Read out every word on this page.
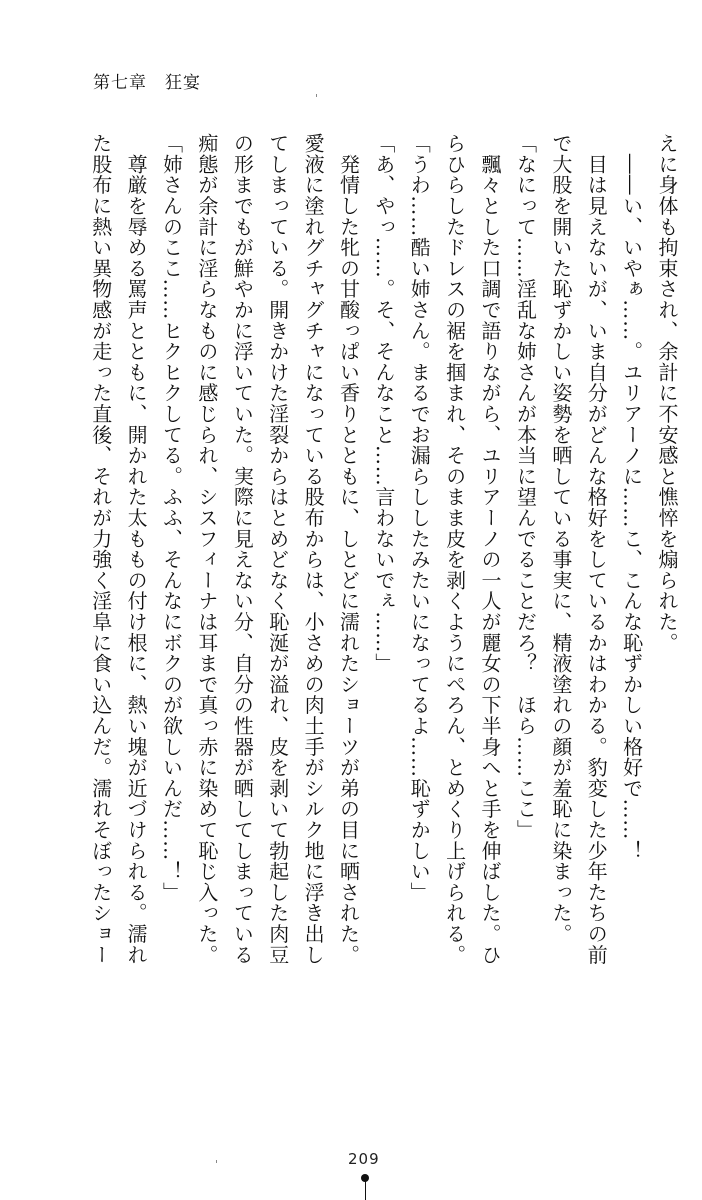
第七章　狂宴
えに身体も拘束され、余計に不安感と憔悴を煽られた。
　――い、いやぁ……。ユリアーノに……こ、こんな恥ずかしい格好で……！
　目は見えないが、いま自分がどんな格好をしているかはわかる。豹変した少年たちの前
で大股を開いた恥ずかしい姿勢を晒している事実に、精液塗れの顔が羞恥に染まった。
「なにって……淫乱な姉さんが本当に望んでることだろ？　ほら……ここ」
　飄々とした口調で語りながら、ユリアーノの一人が麗女の下半身へと手を伸ばした。ひ
らひらしたドレスの裾を掴まれ、そのまま皮を剥くようにぺろん、とめくり上げられる。
「うわ……酷い姉さん。まるでお漏らししたみたいになってるよ……恥ずかしい」
「あ、やっ……。そ、そんなこと……言わないでぇ……」
　発情した牝の甘酸っぱい香りとともに、しとどに濡れたショーツが弟の目に晒された。
愛液に塗れグチャグチャになっている股布からは、小さめの肉土手がシルク地に浮き出し
てしまっている。開きかけた淫裂からはとめどなく恥涎が溢れ、皮を剥いて勃起した肉豆
の形までもが鮮やかに浮いていた。実際に見えない分、自分の性器が晒してしまっている
痴態が余計に淫らなものに感じられ、シスフィーナは耳まで真っ赤に染めて恥じ入った。
「姉さんのここ……ヒクヒクしてる。ふふ、そんなにボクのが欲しいんだ……！」
　尊厳を辱める罵声とともに、開かれた太ももの付け根に、熱い塊が近づけられる。濡れ
た股布に熱い異物感が走った直後、それが力強く淫阜に食い込んだ。濡れそぼったショー
209
